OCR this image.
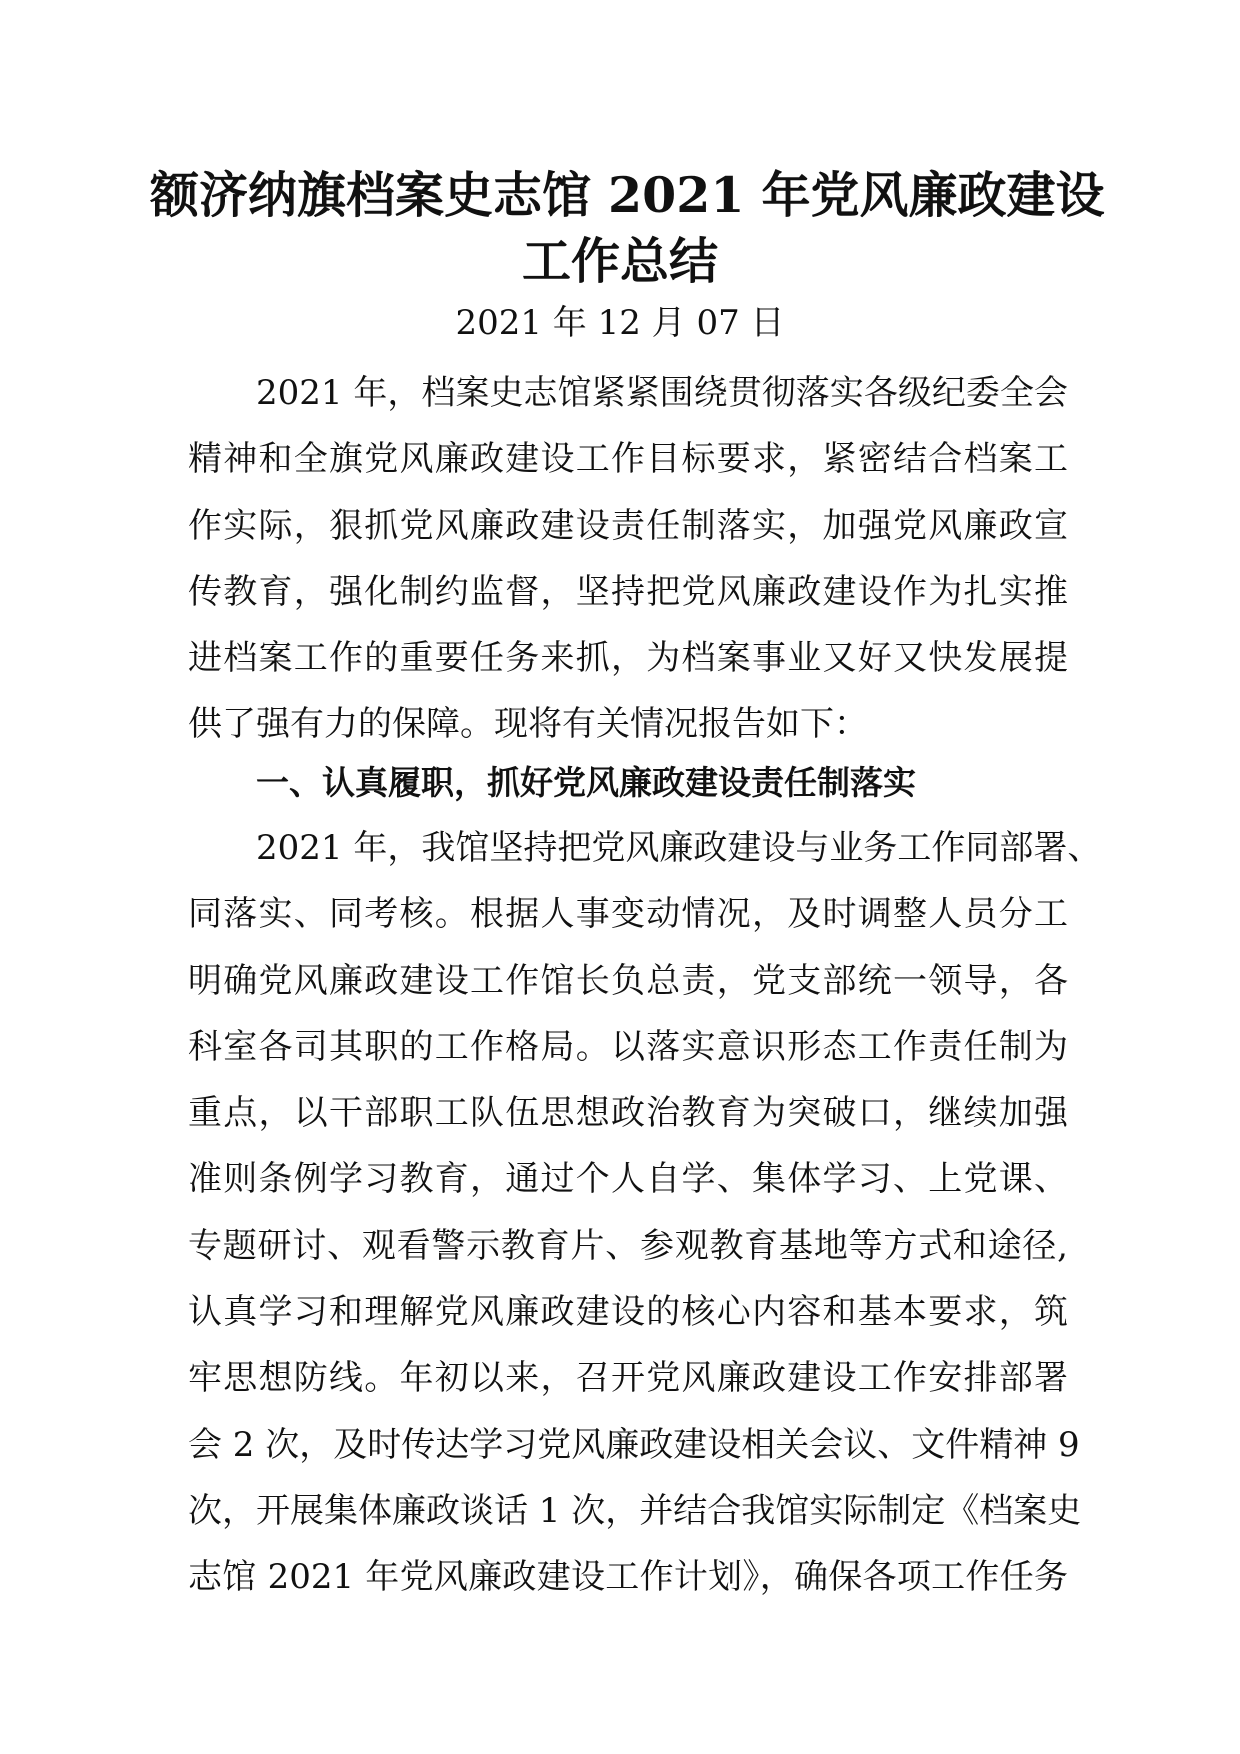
额济纳旗档案史志馆 2021 年党风廉政建设
工作总结
2021 年 12 月 07 日
2021 年，档案史志馆紧紧围绕贯彻落实各级纪委全会
精神和全旗党风廉政建设工作目标要求，紧密结合档案工
作实际，狠抓党风廉政建设责任制落实，加强党风廉政宣
传教育，强化制约监督，坚持把党风廉政建设作为扎实推
进档案工作的重要任务来抓，为档案事业又好又快发展提
供了强有力的保障。现将有关情况报告如下：
一、认真履职，抓好党风廉政建设责任制落实
2021 年，我馆坚持把党风廉政建设与业务工作同部署、
同落实、同考核。根据人事变动情况，及时调整人员分工
明确党风廉政建设工作馆长负总责，党支部统一领导，各
科室各司其职的工作格局。以落实意识形态工作责任制为
重点，以干部职工队伍思想政治教育为突破口，继续加强
准则条例学习教育，通过个人自学、集体学习、上党课、
专题研讨、观看警示教育片、参观教育基地等方式和途径,
认真学习和理解党风廉政建设的核心内容和基本要求，筑
牢思想防线。年初以来，召开党风廉政建设工作安排部署
会 2 次，及时传达学习党风廉政建设相关会议、文件精神 9
次，开展集体廉政谈话 1 次，并结合我馆实际制定《档案史
志馆 2021 年党风廉政建设工作计划》，确保各项工作任务
